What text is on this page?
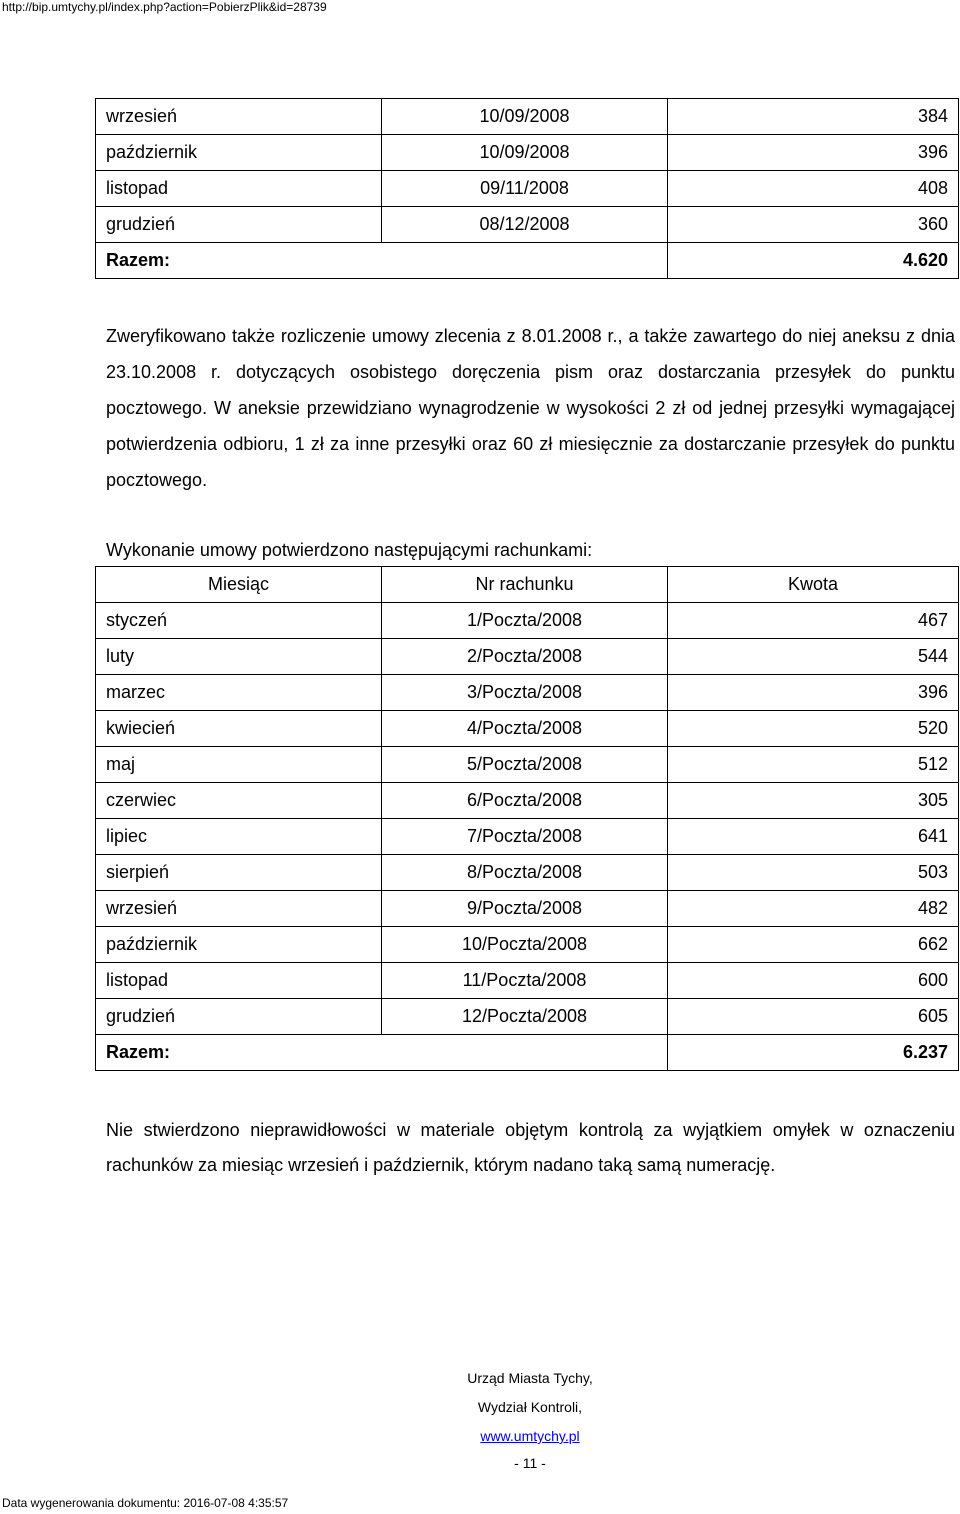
http://bip.umtychy.pl/index.php?action=PobierzPlik&id=28739
wrzesień	10/09/2008	384
październik	10/09/2008	396
listopad	09/11/2008	408
grudzień	08/12/2008	360
Razem:		4.620

Zweryfikowano także rozliczenie umowy zlecenia z 8.01.2008 r., a także zawartego do niej aneksu z dnia 23.10.2008 r. dotyczących osobistego doręczenia pism oraz dostarczania przesyłek do punktu pocztowego. W aneksie przewidziano wynagrodzenie w wysokości 2 zł od jednej przesyłki wymagającej potwierdzenia odbioru, 1 zł za inne przesyłki oraz 60 zł miesięcznie za dostarczanie przesyłek do punktu pocztowego.

Wykonanie umowy potwierdzono następującymi rachunkami:

Miesiąc	Nr rachunku	Kwota
styczeń	1/Poczta/2008	467
luty	2/Poczta/2008	544
marzec	3/Poczta/2008	396
kwiecień	4/Poczta/2008	520
maj	5/Poczta/2008	512
czerwiec	6/Poczta/2008	305
lipiec	7/Poczta/2008	641
sierpień	8/Poczta/2008	503
wrzesień	9/Poczta/2008	482
październik	10/Poczta/2008	662
listopad	11/Poczta/2008	600
grudzień	12/Poczta/2008	605
Razem:		6.237

Nie stwierdzono nieprawidłowości w materiale objętym kontrolą za wyjątkiem omyłek w oznaczeniu rachunków za miesiąc wrzesień i październik, którym nadano taką samą numerację.

Urząd Miasta Tychy,
Wydział Kontroli,
www.umtychy.pl
- 11 -
Data wygenerowania dokumentu: 2016-07-08 4:35:57
